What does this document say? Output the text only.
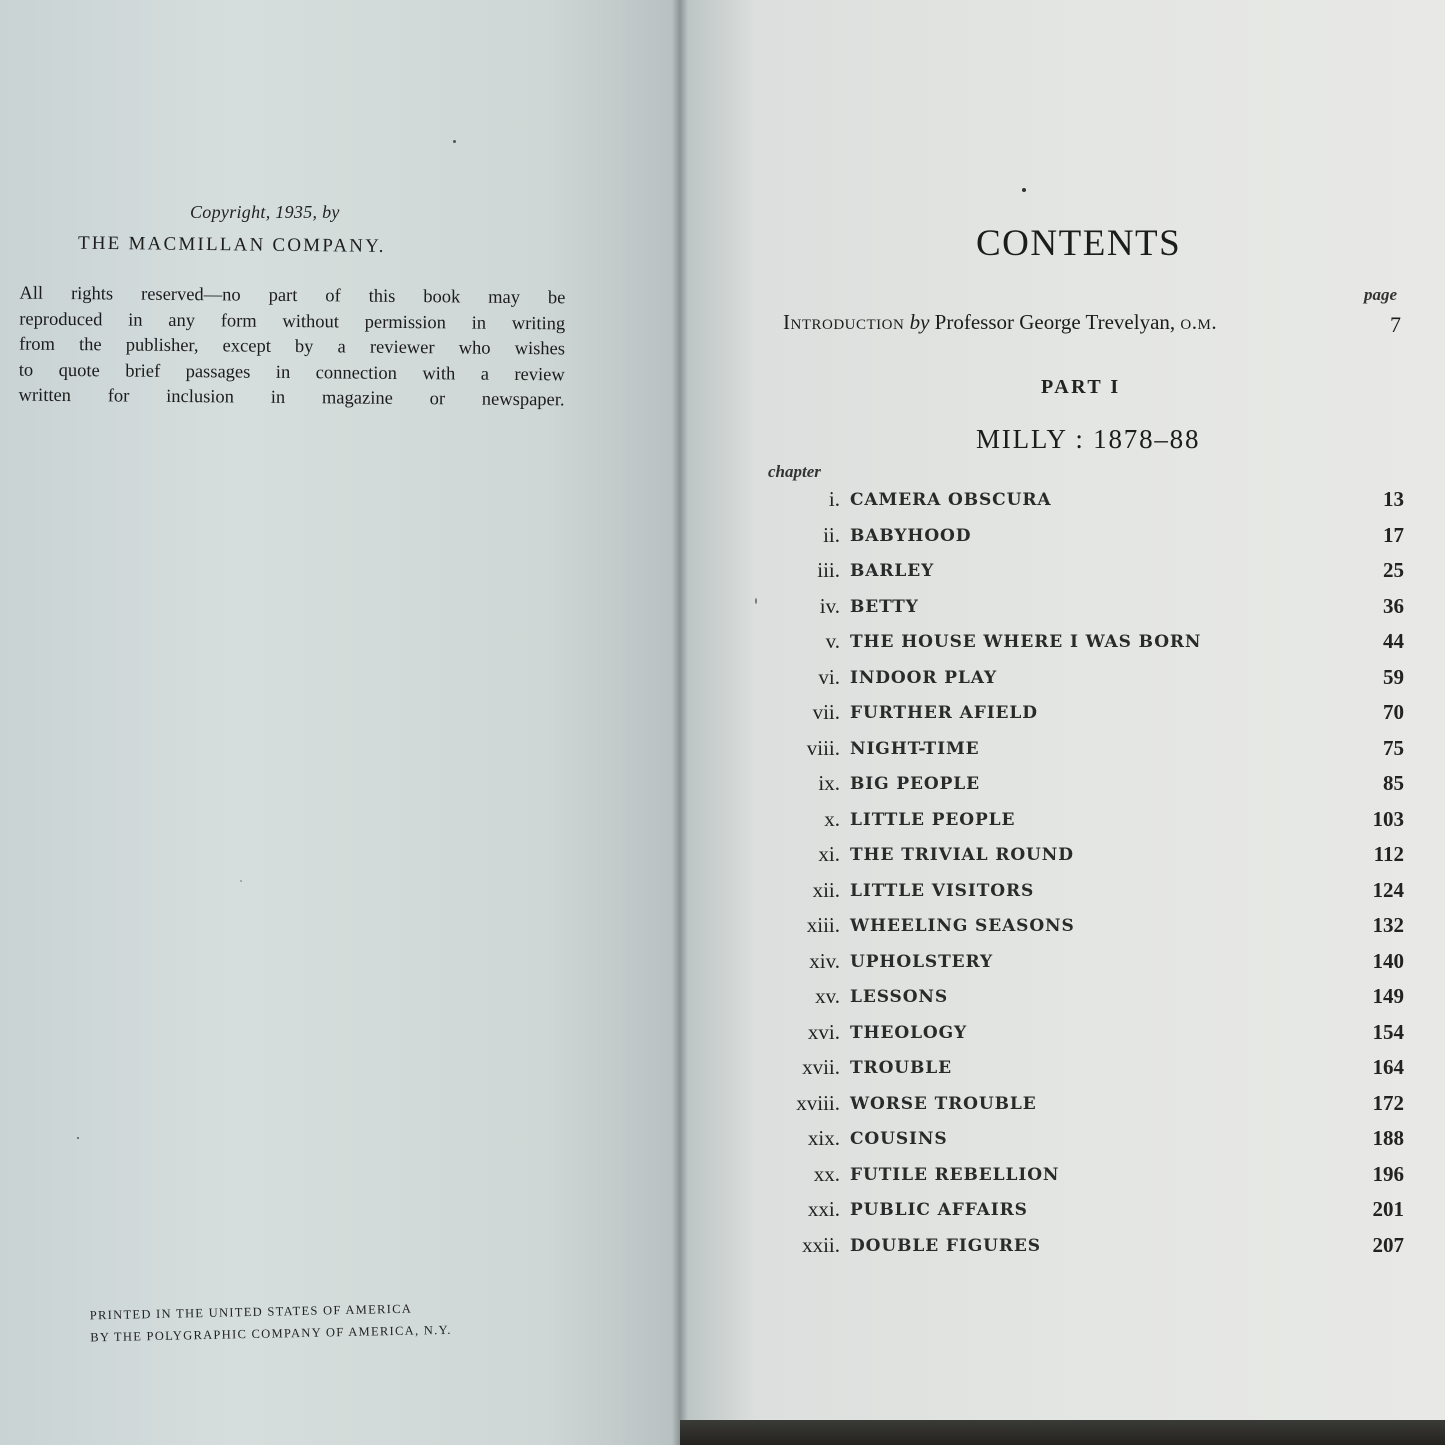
Copyright, 1935, by
THE MACMILLAN COMPANY.
All rights reserved—no part of this book may be
reproduced in any form without permission in writing
from the publisher, except by a reviewer who wishes
to quote brief passages in connection with a review
written for inclusion in magazine or newspaper.
PRINTED IN THE UNITED STATES OF AMERICA
BY THE POLYGRAPHIC COMPANY OF AMERICA, N.Y.
CONTENTS
page
Introduction by Professor George Trevelyan, o.m.	7
PART I
MILLY : 1878–88
chapter
i. CAMERA OBSCURA	13
ii. BABYHOOD	17
iii. BARLEY	25
iv. BETTY	36
v. THE HOUSE WHERE I WAS BORN	44
vi. INDOOR PLAY	59
vii. FURTHER AFIELD	70
viii. NIGHT-TIME	75
ix. BIG PEOPLE	85
x. LITTLE PEOPLE	103
xi. THE TRIVIAL ROUND	112
xii. LITTLE VISITORS	124
xiii. WHEELING SEASONS	132
xiv. UPHOLSTERY	140
xv. LESSONS	149
xvi. THEOLOGY	154
xvii. TROUBLE	164
xviii. WORSE TROUBLE	172
xix. COUSINS	188
xx. FUTILE REBELLION	196
xxi. PUBLIC AFFAIRS	201
xxii. DOUBLE FIGURES	207
